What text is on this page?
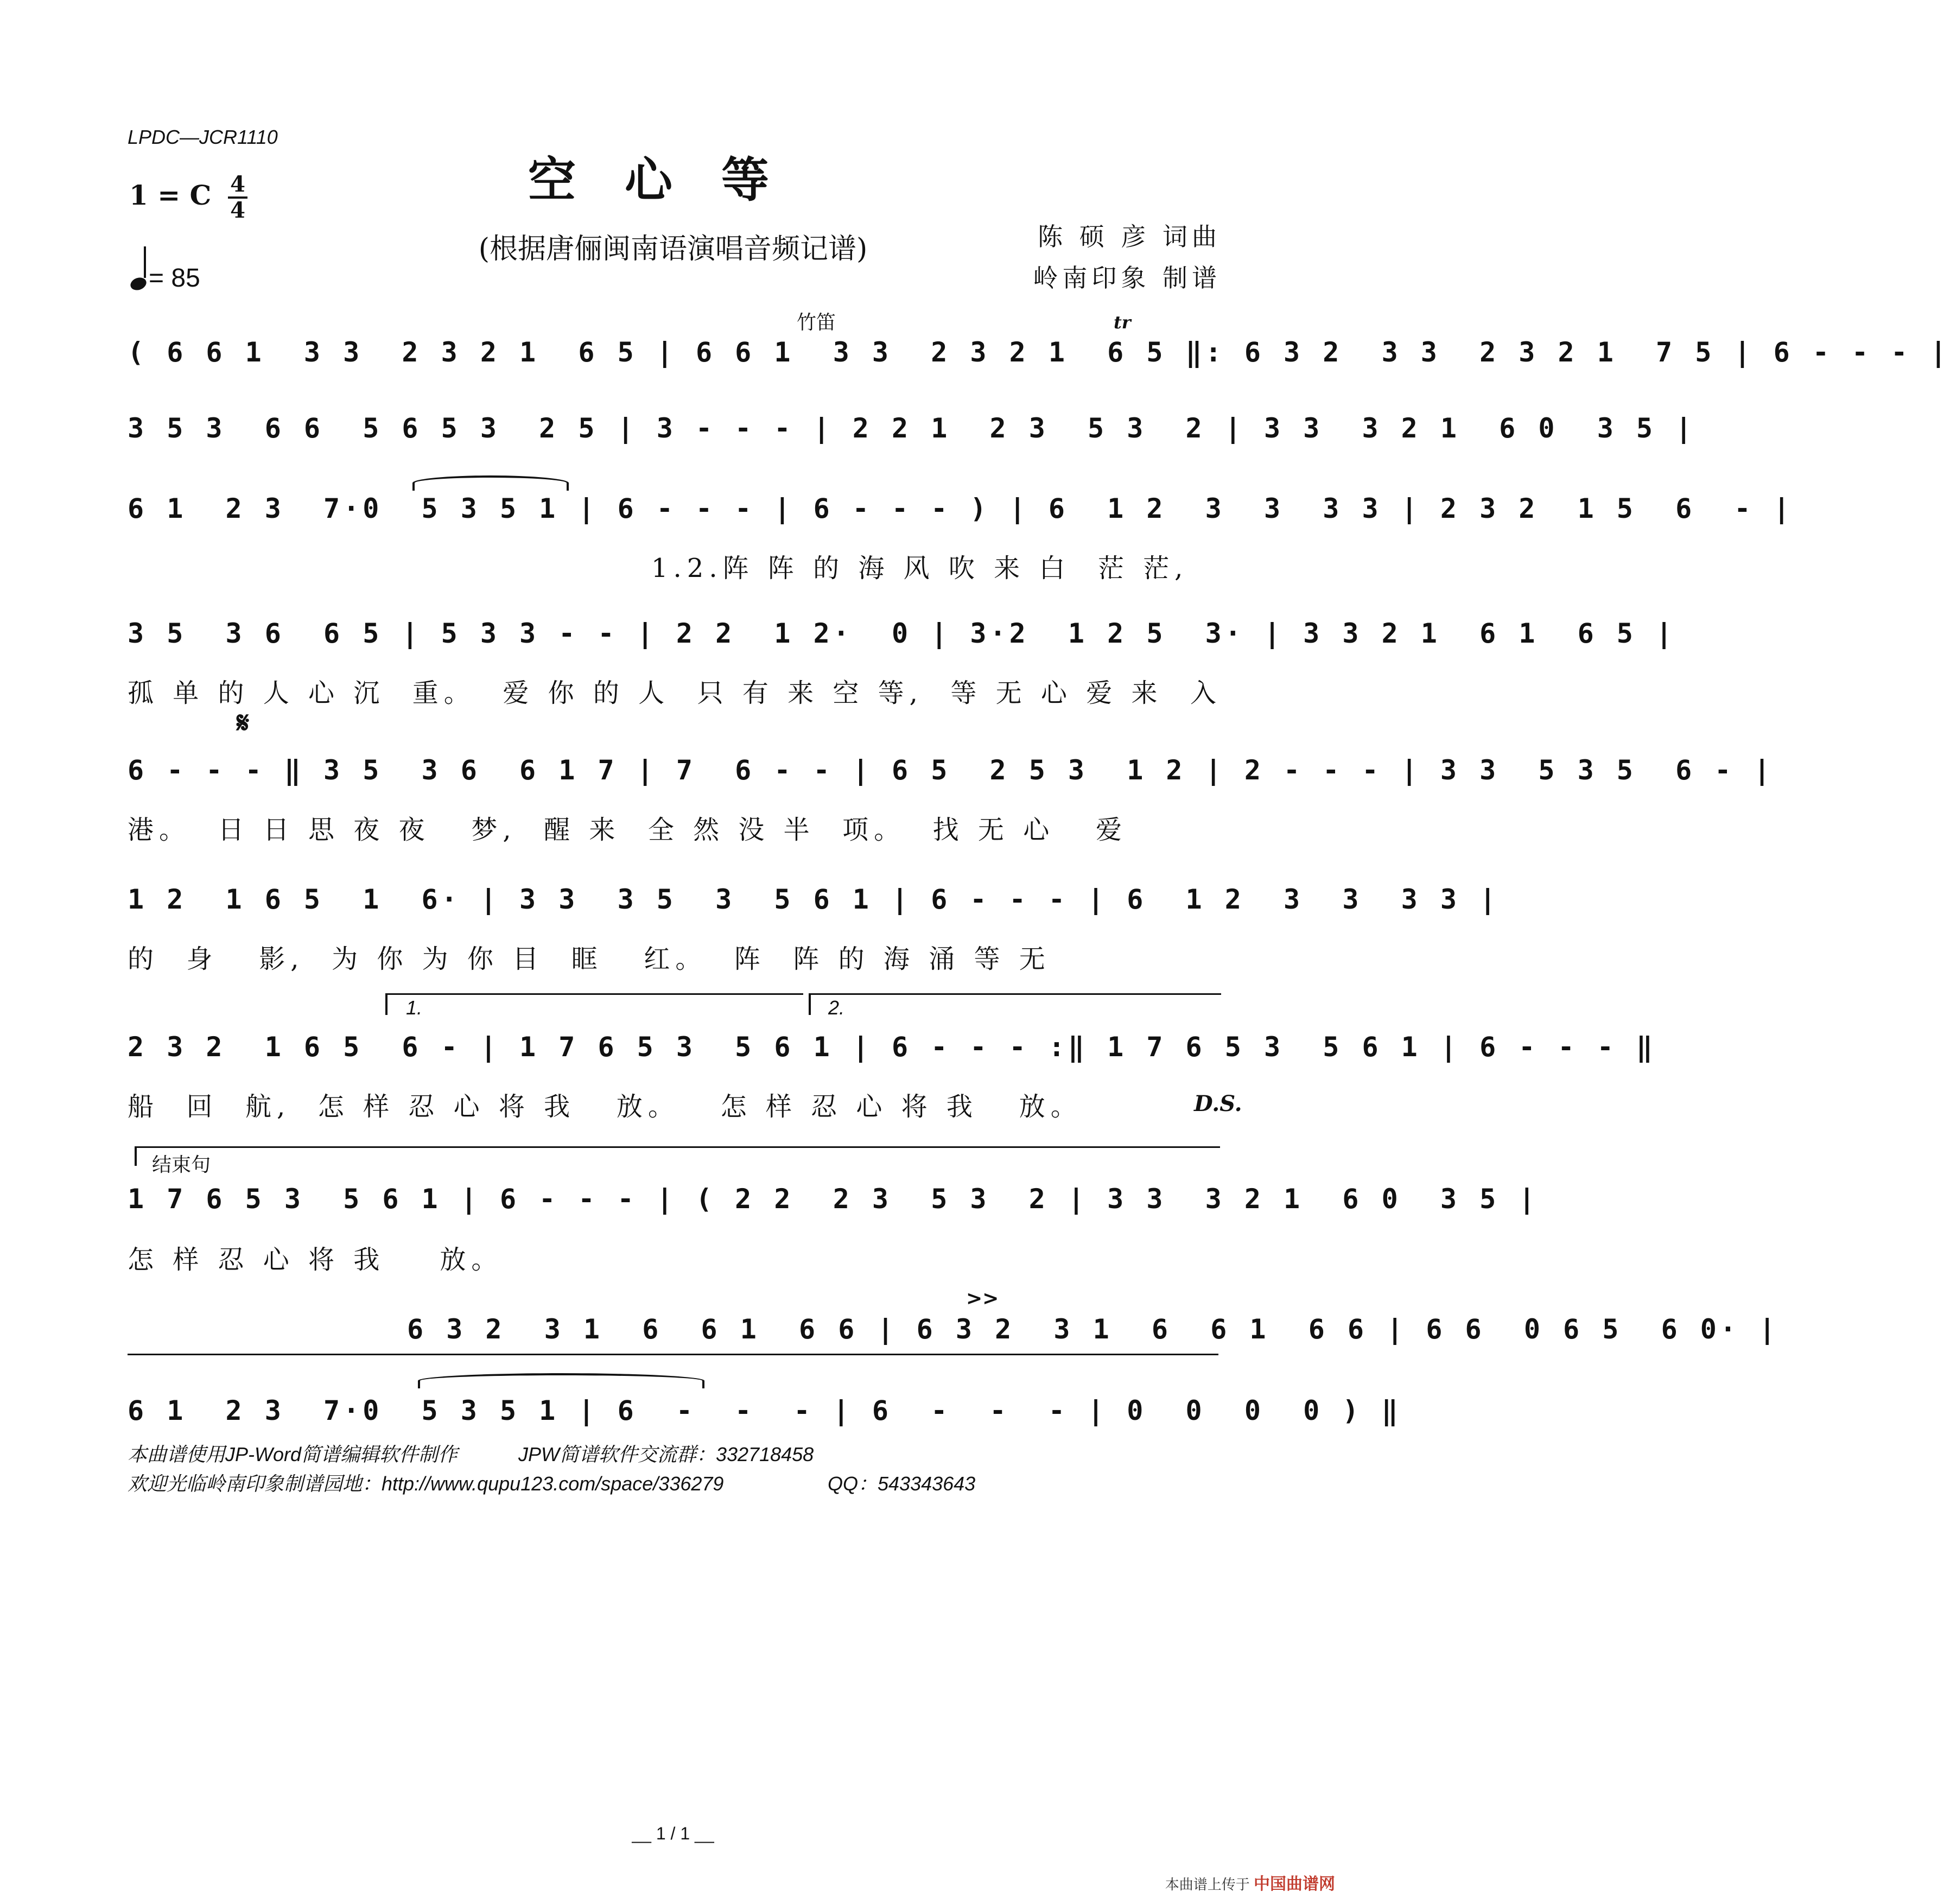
LPDC—JCR1110
1 = C 4
4
= 85
空心等
(根据唐俪闽南语演唱音频记谱)	陈 硕 彦 词曲
岭南印象 制谱
竹笛	tr
( 6 6 1  3 3  2 3 2 1  6 5 | 6 6 1  3 3  2 3 2 1  6 5 ‖: 6 3 2  3 3  2 3 2 1  7 5 | 6 - - - |
3 5 3  6 6  5 6 5 3  2 5 | 3 - - - | 2 2 1  2 3  5 3  2 | 3 3  3 2 1  6 0  3 5 |
6 1  2 3  7·0  5 3 5 1 | 6 - - - | 6 - - - ) | 6  1 2  3  3  3 3 | 2 3 2  1 5  6  - |
1.2.阵 阵 的 海 风 吹 来 白  茫 茫,
3 5  3 6  6 5 | 5 3 3 - - | 2 2  1 2·  0 | 3·2  1 2 5  3· | 3 3 2 1  6 1  6 5 |
孤 单 的 人 心 沉  重。  爱 你 的 人  只 有 来 空 等,  等 无 心 爱 来  入
𝄋
6 - - - ‖ 3 5  3 6  6 1 7 | 7  6 - - | 6 5  2 5 3  1 2 | 2 - - - | 3 3  5 3 5  6 - |
港。  日 日 思 夜 夜   梦,  醒 来  全 然 没 半  项。  找 无 心   爱
1 2  1 6 5  1  6· | 3 3  3 5  3  5 6 1 | 6 - - - | 6  1 2  3  3  3 3 |
的  身   影,  为 你 为 你 目  眶   红。  阵  阵 的 海 涌 等 无
1.	2.
2 3 2  1 6 5  6 - | 1 7 6 5 3  5 6 1 | 6 - - - :‖ 1 7 6 5 3  5 6 1 | 6 - - - ‖
船  回  航,  怎 样 忍 心 将 我   放。   怎 样 忍 心 将 我   放。	D.S.
结束句
1 7 6 5 3  5 6 1 | 6 - - - | ( 2 2  2 3  5 3  2 | 3 3  3 2 1  6 0  3 5 |
怎 样 忍 心 将 我    放。
>>
6 3 2  3 1  6  6 1  6 6 | 6 3 2  3 1  6  6 1  6 6 | 6 6  0 6 5  6 0· |
6 1  2 3  7·0  5 3 5 1 | 6  -  -  - | 6  -  -  - | 0  0  0  0 ) ‖
本曲谱使用JP-Word简谱编辑软件制作	JPW简谱软件交流群：332718458
欢迎光临岭南印象制谱园地：http://www.qupu123.com/space/336279	QQ：543343643
__ 1 / 1 __
本曲谱上传于 中国曲谱网
